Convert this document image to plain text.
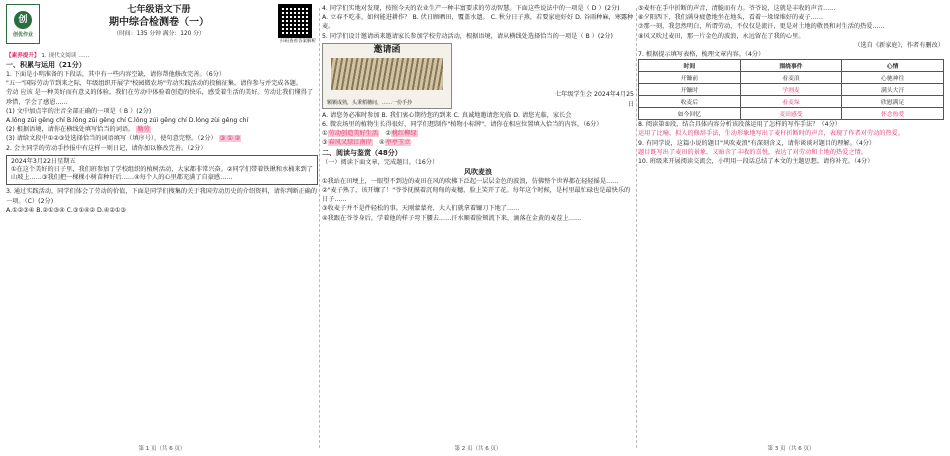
创
创优作业
七年级语文下册
期中综合检测卷（一）
（时间：135 分钟 满分：120 分）
扫码查看答案解析
【素养提升】 1. 现代文阅读 ……
一、积累与运用（21分）
1. 下面是小明准备的下段话，其中有一些内容空缺，请你帮他修改完善。（6分）
"五一"国际劳动节到来之际，年级组织开展学"校园微农场"劳动实践活动的投稿征集。请你参与并完成各题。
劳动 应该 是一种美好而有意义的体验。我们在劳动中体验着创造的快乐，感受着生活的美好。劳动让我们懂得了珍惜，学会了感恩……
(1) 文中加点字的注音全部正确的一项是（ B ）(2分)
A.lǒng zūi gēng chí B.lǒng zūi gēng chí C.lǒng zúi gēng chí D.lóng zùi gěng chí
(2) 根据语境，请你在横线处填写恰当的词语。 勤劳
(3) 请给文段中①②③处选择恰当的词语填写（填序号），使句意完整。（2分） ③ ① ②
2. 会主同学的劳动手抄报中有这样一则日记，请你加以修改完善。（2分）
2024年3月22日星期五
①在这个美好的日子里，我们班参加了学校组织的植树活动，大家都非常兴奋。②同学们带着铁锹和水桶来到了山坡上……③我们把一棵棵小树苗种好后……④每个人的心里都充满了自豪感……
3. 通过实践活动，同学们体会了劳动的价值，下面是同学们搜集的关于我国劳动历史的介绍资料，请你判断正确的一项。（C）(2分)
A.①②③④ B.②①③④ C.③①④② D.④②①③
第 1 页（共 6 页）
4. 同学们实地对发现，按照今天的农业生产一种丰富要求的劳动智慧。下面这些说法中的一项是（ D ）(2分)
A. 立春不吃韭，如何能进耕作？ B. 伏日顾晒田，覆盖水遗。 C. 秋分日子燕，若要家庭好好 D. 谷雨种麻，寒露种麦。
5. 同学们设计邀请函来邀请家长参加学校劳动活动，根据语境，请从横线处选择恰当的一项是（ B ）(2分)
邀请函
颗颗成熟，头秉稻穗间，……一份手抄
七年级学生会 2024年4月25日
A. 请您务必准时参加 B. 我们衷心期待您的到来 C. 真诚地邀请您光临 D. 请您光临，家长会
6. 微农场里的植物生长得很好，同学们想制作"植物小标牌"，请你在相应位置填入恰当的内容。（6分）
①劳动创造美好生活　②桃红柳绿
③春风又绿江南岸　④亭亭玉立
二、阅读与鉴赏（48分）
（一）阅读下面文章，完成题目。（16分）
风吹麦浪
①我站在田埂上，一眼望不到边的麦田在风的吹拂下泛起一层层金色的波浪，仿佛整个世界都在轻轻摇晃……
②"麦子熟了，该开镰了！"爷爷抚摸着沉甸甸的麦穗，脸上笑开了花。每年这个时候，是村里最忙碌也是最快乐的日子……
③收麦子并不是件轻松的事。天刚蒙蒙亮，大人们就拿着镰刀下地了……
④我跟在爷爷身后，学着他的样子弯下腰去……汗水顺着脸颊流下来，滴落在金黄的麦茬上……
第 2 页（共 6 页）
⑤麦秆在手中折断的声音，清脆而有力。爷爷说，这就是丰收的声音……
⑥夕阳西下，我们满身疲惫地坐在地头，看着一垛垛堆好的麦子……
⑦那一刻，我忽然明白，所谓劳动，不仅仅是流汗，更是对土地的敬畏和对生活的热爱……
⑧风又吹过麦田，那一片金色的波浪，永远留在了我的心里。
（选自《新家庭》，作者有删改）
7. 根据提示填写表格，梳理文章内容。（4分）
时间	围绕事件	心情
开镰前	看麦浪	心驰神往
开镰时	学割麦	满头大汗
收麦后	看麦垛	欣慰满足
如今回忆	麦田感受	怀念热爱
8. 阅读第⑤段，结合具体内容分析该段落运用了怎样的写作手法？（4分）
运用了比喻、拟人的修辞手法，生动形象地写出了麦秆折断时的声音，表现了作者对劳动的热爱。
9. 有同学说，这篇小说的题目"风吹麦浪"有深刻含义，请你谈谈对题目的理解。（4分）
题目既写出了麦田的景象，又暗含了丰收的喜悦，表达了对劳动和土地的热爱之情。
10. 班级来开展阅读交流会，小明用一段话总结了本文的主题思想。请你补充。（4分）
第 3 页（共 6 页）
